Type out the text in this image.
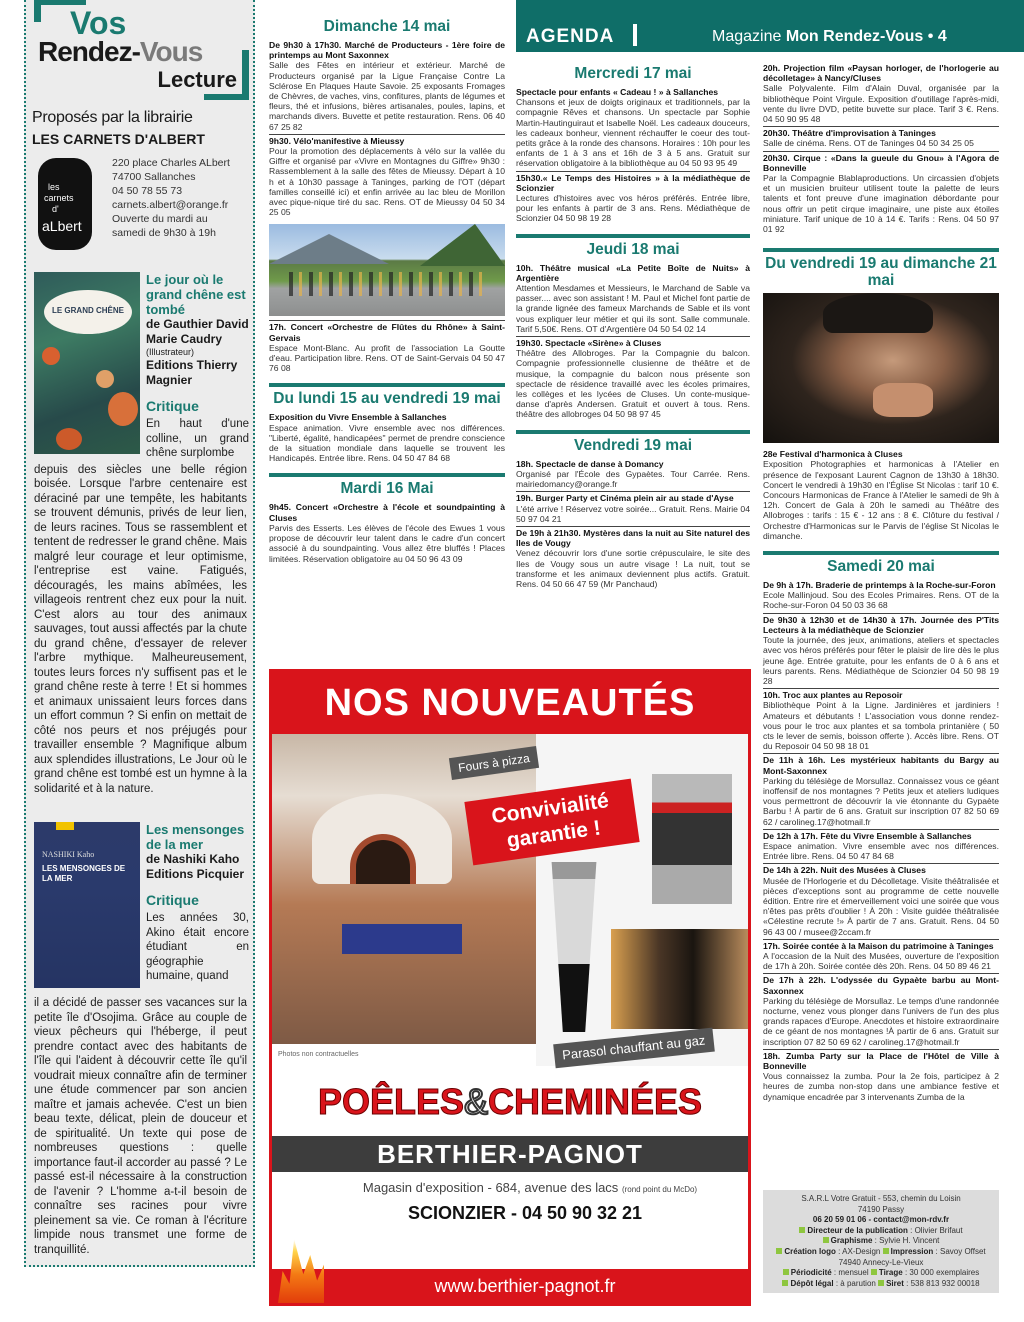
AGENDA	Magazine Mon Rendez-Vous • 4
Vos
Rendez-Vous
Lecture
Proposés par la librairie
LES CARNETS D'ALBERT
les
carnets
d'
aLbert
220 place Charles ALbert
74700 Sallanches
04 50 78 55 73
carnets.albert@orange.fr
Ouverte du mardi au
samedi de 9h30 à 19h
LE GRAND CHÊNE
Le jour où le grand chêne est tombé
de Gauthier David
Marie Caudry
(Illustrateur)
Editions Thierry Magnier
Critique
En haut d'une colline, un grand chêne surplombe
depuis des siècles une belle région boisée. Lorsque l'arbre centenaire est déraciné par une tempête, les habitants se trouvent démunis, privés de leur lien, de leurs racines. Tous se rassemblent et tentent de redresser le grand chêne. Mais malgré leur courage et leur optimisme, l'entreprise est vaine. Fatigués, découragés, les mains abîmées, les villageois rentrent chez eux pour la nuit. C'est alors au tour des animaux sauvages, tout aussi affectés par la chute du grand chêne, d'essayer de relever l'arbre mythique. Malheureusement, toutes leurs forces n'y suffisent pas et le grand chêne reste à terre ! Et si hommes et animaux unissaient leurs forces dans un effort commun ? Si enfin on mettait de côté nos peurs et nos préjugés pour travailler ensemble ? Magnifique album aux splendides illustrations, Le Jour où le grand chêne est tombé est un hymne à la solidarité et à la nature.
NASHIKI Kaho
LES MENSONGES DE LA MER
Les mensonges de la mer
de Nashiki Kaho
Editions Picquier
Critique
Les années 30, Akino était encore étudiant en géographie humaine, quand
il a décidé de passer ses vacances sur la petite île d'Osojima. Grâce au couple de vieux pêcheurs qui l'héberge, il peut prendre contact avec des habitants de l'île qui l'aident à découvrir cette île qu'il voudrait mieux connaître afin de terminer une étude commencer par son ancien maître et jamais achevée. C'est un bien beau texte, délicat, plein de douceur et de spiritualité. Un texte qui pose de nombreuses questions : quelle importance faut-il accorder au passé ? Le passé est-il nécessaire à la construction de l'avenir ? L'homme a-t-il besoin de connaître ses racines pour vivre pleinement sa vie. Ce roman à l'écriture limpide nous transmet une forme de tranquillité.
Dimanche 14 mai
De 9h30 à 17h30. Marché de Producteurs - 1ère foire de printemps au Mont Saxonnex
Salle des Fêtes en intérieur et extérieur. Marché de Producteurs organisé par la Ligue Française Contre La Sclérose En Plaques Haute Savoie. 25 exposants Fromages de Chèvres, de vaches, vins, confitures, plants de légumes et fleurs, thé et infusions, bières artisanales, poules, lapins, et marchands divers. Buvette et petite restauration. Rens. 06 40 67 25 82
9h30. Vélo'manifestive à Mieussy
Pour la promotion des déplacements à vélo sur la vallée du Giffre et organisé par «Vivre en Montagnes du Giffre» 9h30 : Rassemblement à la salle des fêtes de Mieussy. Départ à 10 h et à 10h30 passage à Taninges, parking de l'OT (départ familles conseillé ici) et enfin arrivée au lac bleu de Morillon avec pique-nique tiré du sac. Rens. OT de Mieussy 04 50 34 25 05
17h. Concert «Orchestre de Flûtes du Rhône» à Saint-Gervais
Espace Mont-Blanc. Au profit de l'association La Goutte d'eau. Participation libre. Rens. OT de Saint-Gervais 04 50 47 76 08
Du lundi 15 au vendredi 19 mai
Exposition du Vivre Ensemble à Sallanches
Espace animation. Vivre ensemble avec nos différences. "Liberté, égalité, handicapées" permet de prendre conscience de la situation mondiale dans laquelle se trouvent les Handicapés. Entrée libre. Rens. 04 50 47 84 68
Mardi 16 Mai
9h45. Concert «Orchestre à l'école et soundpainting à Cluses
Parvis des Esserts. Les élèves de l'école des Ewues 1 vous propose de découvrir leur talent dans le cadre d'un concert associé à du soundpainting. Vous allez être bluffés ! Places limitées. Réservation obligatoire au 04 50 96 43 09
Mercredi 17 mai
Spectacle pour enfants « Cadeau ! » à Sallanches
Chansons et jeux de doigts originaux et traditionnels, par la compagnie Rêves et chansons. Un spectacle par Sophie Martin-Hautinguiraut et Isabelle Noël. Les cadeaux douceurs, les cadeaux bonheur, viennent réchauffer le coeur des tout-petits grâce à la ronde des chansons. Horaires : 10h pour les enfants de 1 à 3 ans et 16h de 3 à 5 ans. Gratuit sur réservation obligatoire à la bibliothèque au 04 50 93 95 49
15h30.« Le Temps des Histoires » à la médiathèque de Scionzier
Lectures d'histoires avec vos héros préférés. Entrée libre, pour les enfants à partir de 3 ans. Rens. Médiathèque de Scionzier 04 50 98 19 28
Jeudi 18 mai
10h. Théâtre musical «La Petite Boîte de Nuits» à Argentière
Attention Mesdames et Messieurs, le Marchand de Sable va passer.... avec son assistant ! M. Paul et Michel font partie de la grande lignée des fameux Marchands de Sable et ils vont vous expliquer leur métier et qui ils sont. Salle communale. Tarif 5,50€. Rens. OT d'Argentière 04 50 54 02 14
19h30. Spectacle «Sirène» à Cluses
Théâtre des Allobroges. Par la Compagnie du balcon. Compagnie professionnelle clusienne de théâtre et de musique, la compagnie du balcon nous présente son spectacle de résidence travaillé avec les écoles primaires, les collèges et les lycées de Cluses. Un conte-musique-danse d'après Andersen. Gratuit et ouvert à tous. Rens. théâtre des allobroges 04 50 98 97 45
Vendredi 19 mai
18h. Spectacle de danse à Domancy
Organisé par l'École des Gypaètes. Tour Carrée. Rens. mairiedomancy@orange.fr
19h. Burger Party et Cinéma plein air au stade d'Ayse
L'été arrive ! Réservez votre soirée... Gratuit. Rens. Mairie 04 50 97 04 21
De 19h à 21h30. Mystères dans la nuit au Site naturel des Iles de Vougy
Venez découvrir lors d'une sortie crépusculaire, le site des Iles de Vougy sous un autre visage ! La nuit, tout se transforme et les animaux deviennent plus actifs. Gratuit. Rens. 04 50 66 47 59 (Mr Panchaud)
20h. Projection film «Paysan horloger, de l'horlogerie au décolletage» à Nancy/Cluses
Salle Polyvalente. Film d'Alain Duval, organisée par la bibliothèque Point Virgule. Exposition d'outillage l'après-midi, vente du livre DVD, petite buvette sur place. Tarif 3 €. Rens. 04 50 90 95 48
20h30. Théâtre d'improvisation à Taninges
Salle de cinéma. Rens. OT de Taninges 04 50 34 25 05
20h30. Cirque : «Dans la gueule du Gnou» à l'Agora de Bonneville
Par la Compagnie Blablaproductions. Un circassien d'objets et un musicien bruiteur utilisent toute la palette de leurs talents et font preuve d'une imagination débordante pour nous offrir un petit cirque imaginaire, une piste aux étoiles miniature. Tarif unique de 10 à 14 €. Tarifs : Rens. 04 50 97 01 92
Du vendredi 19 au dimanche 21 mai
28e Festival d'harmonica à Cluses
Exposition Photographies et harmonicas à l'Atelier en présence de l'exposant Laurent Cagnon de 13h30 à 18h30. Concert le vendredi à 19h30 en l'Église St Nicolas : tarif 10 €. Concours Harmonicas de France à l'Atelier le samedi de 9h à 12h. Concert de Gala à 20h le samedi au Théâtre des Allobroges : tarifs : 15 € - 12 ans : 8 €. Clôture du festival / Orchestre d'Harmonicas sur le Parvis de l'église St Nicolas le dimanche.
Samedi 20 mai
De 9h à 17h. Braderie de printemps à la Roche-sur-Foron
Ecole Mallinjoud. Sou des Ecoles Primaires. Rens. OT de la Roche-sur-Foron 04 50 03 36 68
De 9h30 à 12h30 et de 14h30 à 17h. Journée des P'Tits Lecteurs à la médiathèque de Scionzier
Toute la journée, des jeux, animations, ateliers et spectacles avec vos héros préférés pour fêter le plaisir de lire dès le plus jeune âge. Entrée gratuite, pour les enfants de 0 à 6 ans et leurs parents. Rens. Médiathèque de Scionzier 04 50 98 19 28
10h. Troc aux plantes au Reposoir
Bibliothèque Point à la Ligne. Jardinières et jardiniers ! Amateurs et débutants ! L'association vous donne rendez-vous pour le troc aux plantes et sa tombola printanière ( 50 cts le lever de semis, boisson offerte ). Accès libre. Rens. OT du Reposoir 04 50 98 18 01
De 11h à 16h. Les mystérieux habitants du Bargy au Mont-Saxonnex
Parking du télésiège de Morsullaz. Connaissez vous ce géant inoffensif de nos montagnes ? Petits jeux et ateliers ludiques vous permettront de découvrir la vie étonnante du Gypaète Barbu ! À partir de 6 ans. Gratuit sur inscription 07 82 50 69 62 / carolineg.17@hotmail.fr
De 12h à 17h. Fête du Vivre Ensemble à Sallanches
Espace animation. Vivre ensemble avec nos différences. Entrée libre. Rens. 04 50 47 84 68
De 14h à 22h. Nuit des Musées à Cluses
Musée de l'Horlogerie et du Décolletage. Visite théâtralisée et pièces d'exceptions sont au programme de cette nouvelle édition. Entre rire et émerveillement voici une soirée que vous n'êtes pas prêts d'oublier ! À 20h : Visite guidée théâtralisée «Célestine recrute !» À partir de 7 ans. Gratuit. Rens. 04 50 96 43 00 / musee@2ccam.fr
17h. Soirée contée à la Maison du patrimoine à Taninges
A l'occasion de la Nuit des Musées, ouverture de l'exposition de 17h à 20h. Soirée contée dès 20h. Rens. 04 50 89 46 21
De 17h à 22h. L'odyssée du Gypaète barbu au Mont-Saxonnex
Parking du télésiège de Morsullaz. Le temps d'une randonnée nocturne, venez vous plonger dans l'univers de l'un des plus grands rapaces d'Europe. Anecdotes et histoire extraordinaire de ce géant de nos montagnes !À partir de 6 ans. Gratuit sur inscription 07 82 50 69 62 / carolineg.17@hotmail.fr
18h. Zumba Party sur la Place de l'Hôtel de Ville à Bonneville
Vous connaissez la zumba. Pour la 2e fois, participez à 2 heures de zumba non-stop dans une ambiance festive et dynamique encadrée par 3 intervenants Zumba de la
NOS NOUVEAUTÉS
Fours à pizza
Convivialité garantie !
Parasol chauffant au gaz
Photos non contractuelles
POÊLES&CHEMINÉES
BERTHIER-PAGNOT
Magasin d'exposition - 684, avenue des lacs (rond point du McDo)
SCIONZIER - 04 50 90 32 21
www.berthier-pagnot.fr
S.A.R.L Votre Gratuit - 553, chemin du Loisin
74190 Passy
06 20 59 01 06 - contact@mon-rdv.fr
Directeur de la publication : Olivier Brifaut
Graphisme : Sylvie H. Vincent
Création logo : AX-Design Impression : Savoy Offset 74940 Annecy-Le-Vieux
Périodicité : mensuel Tirage : 30 000 exemplaires
Dépôt légal : à parution Siret : 538 813 932 00018
